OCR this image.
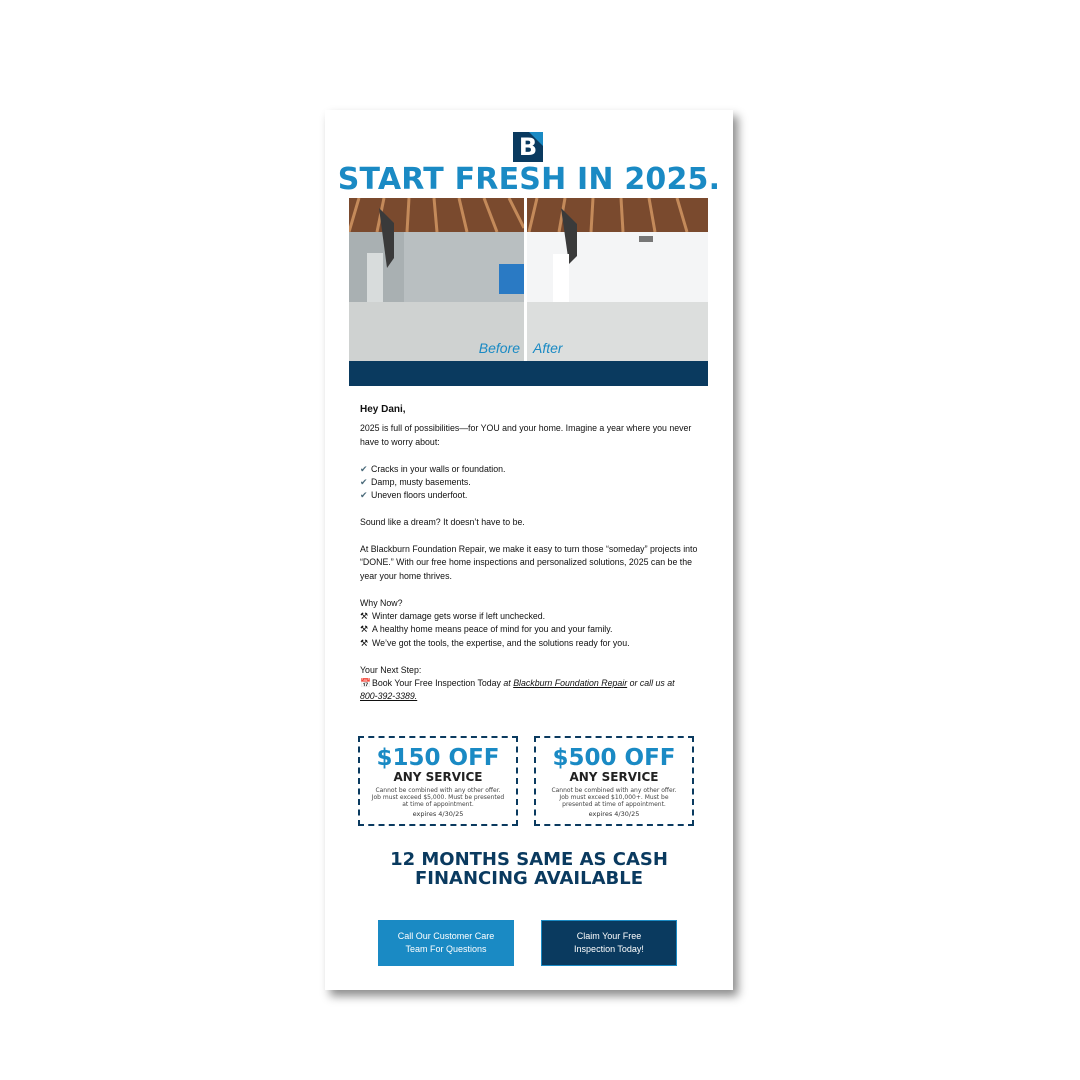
B
START FRESH IN 2025.
Before After

Hey Dani,

2025 is full of possibilities—for YOU and your home. Imagine a year where you never have to worry about:

✔ Cracks in your walls or foundation.

✔ Damp, musty basements.

✔ Uneven floors underfoot.

Sound like a dream? It doesn’t have to be.

At Blackburn Foundation Repair, we make it easy to turn those “someday” projects into “DONE.” With our free home inspections and personalized solutions, 2025 can be the year your home thrives.

Why Now?

⚒ Winter damage gets worse if left unchecked.

⚒ A healthy home means peace of mind for you and your family.

⚒ We’ve got the tools, the expertise, and the solutions ready for you.

Your Next Step:

📅Book Your Free Inspection Today at Blackburn Foundation Repair or call us at

800-392-3389.

$150 OFF
ANY SERVICE
Cannot be combined with any other offer. Job must exceed $5,000. Must be presented at time of appointment.
expires 4/30/25
$500 OFF
ANY SERVICE
Cannot be combined with any other offer. Job must exceed $10,000+. Must be presented at time of appointment.
expires 4/30/25
12 MONTHS SAME AS CASH
FINANCING AVAILABLE
Call Our Customer Care Team For Questions
Claim Your Free Inspection Today!
